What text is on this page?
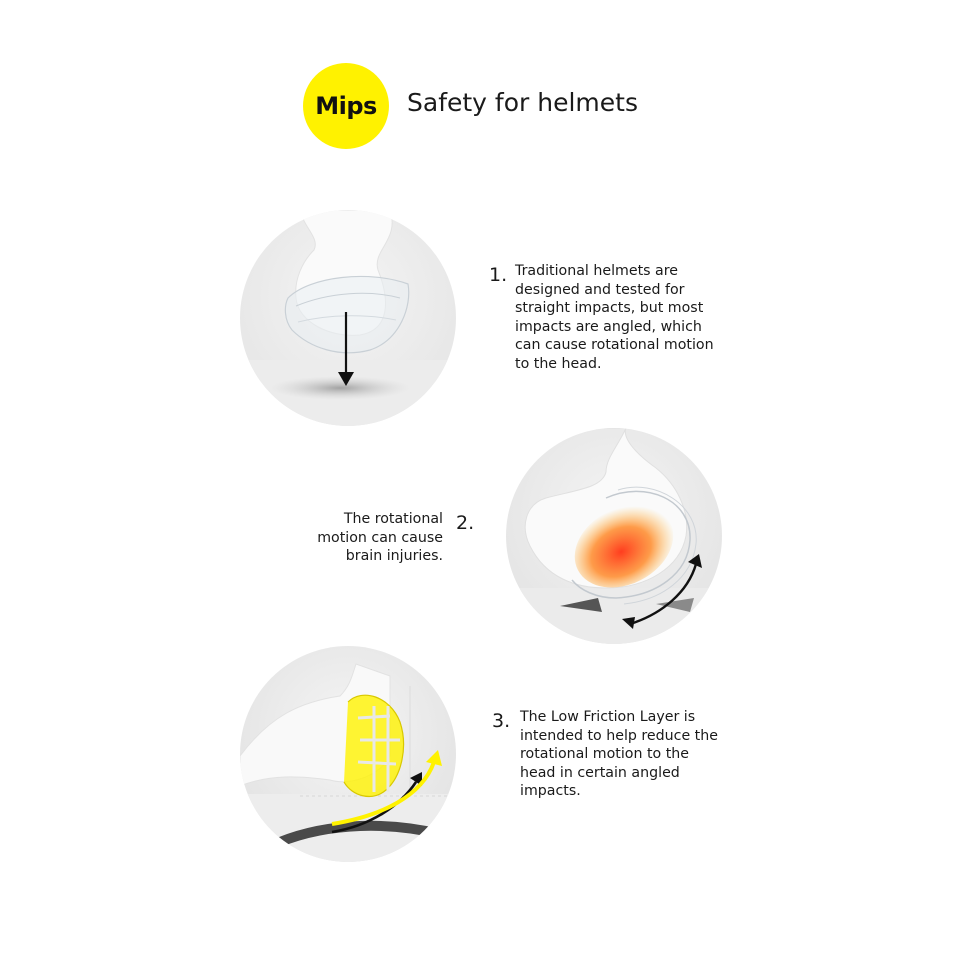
Mips Safety for helmets
1. Traditional helmets are
designed and tested for
straight impacts, but most
impacts are angled, which
can cause rotational motion
to the head.

2.

The rotational
motion can cause
brain injuries.

3. The Low Friction Layer is
intended to help reduce the
rotational motion to the
head in certain angled
impacts.
